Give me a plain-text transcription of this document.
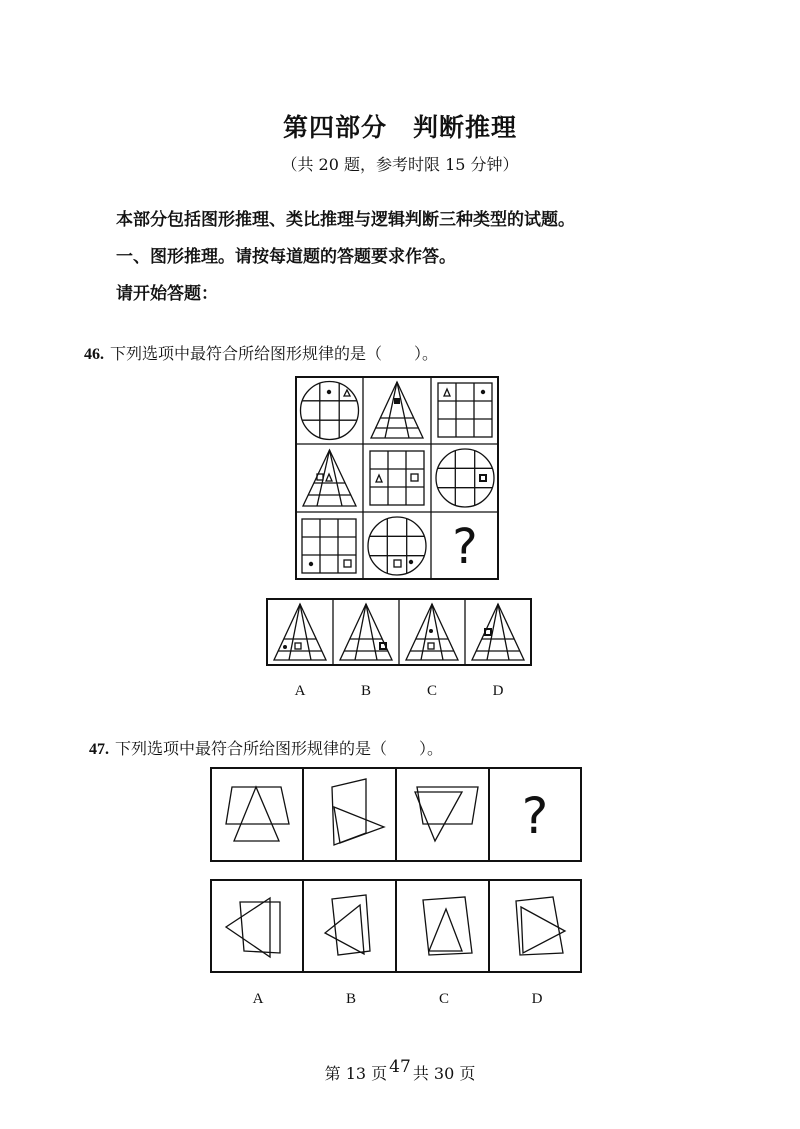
第四部分　判断推理
（共 20 题，参考时限 15 分钟）
本部分包括图形推理、类比推理与逻辑判断三种类型的试题。
一、图形推理。请按每道题的答题要求作答。
请开始答题：
46. 下列选项中最符合所给图形规律的是（　　）。
?
A	B	C	D
47. 下列选项中最符合所给图形规律的是（　　）。
?
A	B	C	D
第 13 页 $^{47}$ 共 30 页
